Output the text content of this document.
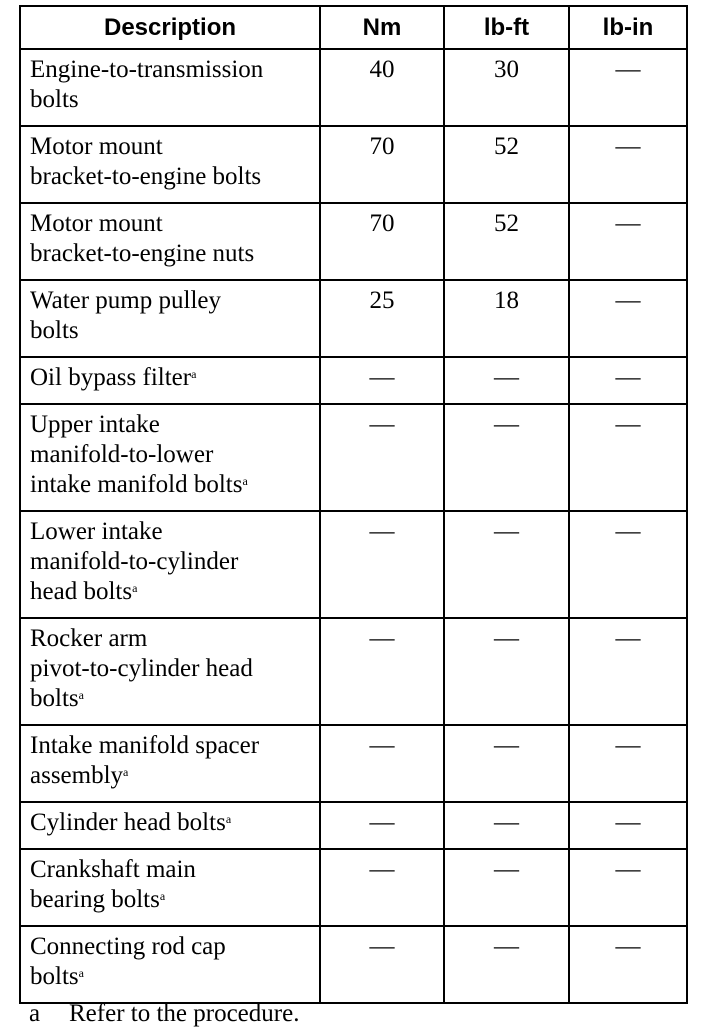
Description	Nm	lb-ft	lb-in
Engine-to-transmission
bolts	40	30	—
Motor mount
bracket-to-engine bolts	70	52	—
Motor mount
bracket-to-engine nuts	70	52	—
Water pump pulley
bolts	25	18	—
Oil bypass filter$^a$	—	—	—
Upper intake
manifold-to-lower
intake manifold bolts$^a$	—	—	—
Lower intake
manifold-to-cylinder
head bolts$^a$	—	—	—
Rocker arm
pivot-to-cylinder head
bolts$^a$	—	—	—
Intake manifold spacer
assembly$^a$	—	—	—
Cylinder head bolts$^a$	—	—	—
Crankshaft main
bearing bolts$^a$	—	—	—
Connecting rod cap
bolts$^a$	—	—	—
a Refer to the procedure.
